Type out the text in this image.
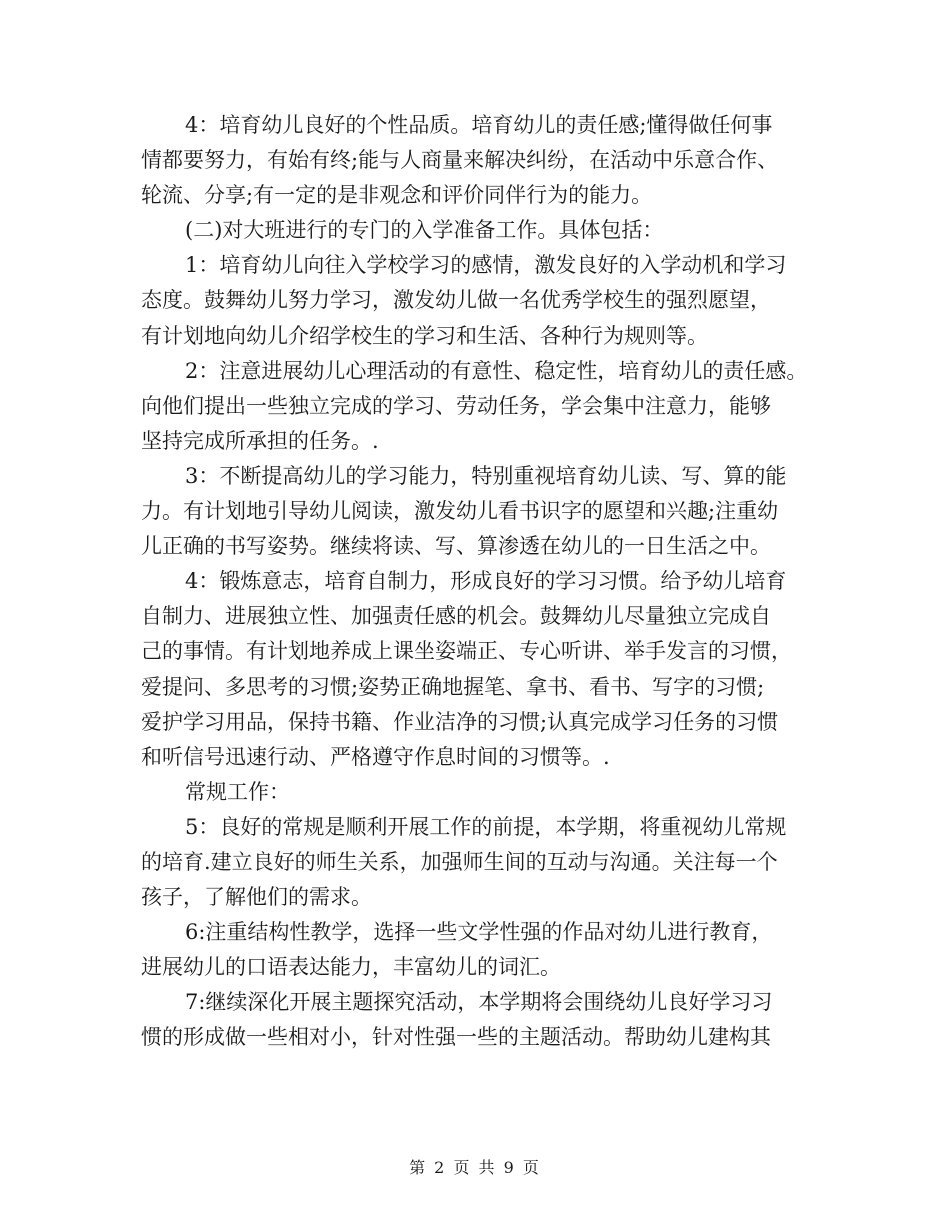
4：培育幼儿良好的个性品质。培育幼儿的责任感;懂得做任何事
情都要努力，有始有终;能与人商量来解决纠纷，在活动中乐意合作、
轮流、分享;有一定的是非观念和评价同伴行为的能力。
(二)对大班进行的专门的入学准备工作。具体包括：
1：培育幼儿向往入学校学习的感情，激发良好的入学动机和学习
态度。鼓舞幼儿努力学习，激发幼儿做一名优秀学校生的强烈愿望，
有计划地向幼儿介绍学校生的学习和生活、各种行为规则等。
2：注意进展幼儿心理活动的有意性、稳定性，培育幼儿的责任感。
向他们提出一些独立完成的学习、劳动任务，学会集中注意力，能够
坚持完成所承担的任务。.
3：不断提高幼儿的学习能力，特别重视培育幼儿读、写、算的能
力。有计划地引导幼儿阅读，激发幼儿看书识字的愿望和兴趣;注重幼
儿正确的书写姿势。继续将读、写、算渗透在幼儿的一日生活之中。
4：锻炼意志，培育自制力，形成良好的学习习惯。给予幼儿培育
自制力、进展独立性、加强责任感的机会。鼓舞幼儿尽量独立完成自
己的事情。有计划地养成上课坐姿端正、专心听讲、举手发言的习惯，
爱提问、多思考的习惯;姿势正确地握笔、拿书、看书、写字的习惯;
爱护学习用品，保持书籍、作业洁净的习惯;认真完成学习任务的习惯
和听信号迅速行动、严格遵守作息时间的习惯等。.
常规工作：
5：良好的常规是顺利开展工作的前提，本学期，将重视幼儿常规
的培育.建立良好的师生关系，加强师生间的互动与沟通。关注每一个
孩子，了解他们的需求。
6:注重结构性教学，选择一些文学性强的作品对幼儿进行教育，
进展幼儿的口语表达能力，丰富幼儿的词汇。
7:继续深化开展主题探究活动，本学期将会围绕幼儿良好学习习
惯的形成做一些相对小，针对性强一些的主题活动。帮助幼儿建构其
第 2 页 共 9 页
